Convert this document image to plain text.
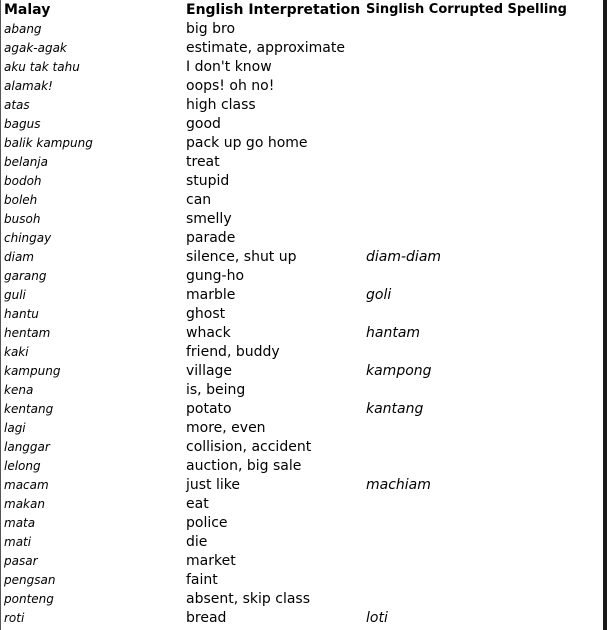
Malay	English Interpretation	Singlish Corrupted Spelling
abang	big bro	
agak-agak	estimate, approximate	
aku tak tahu	I don't know	
alamak!	oops! oh no!	
atas	high class	
bagus	good	
balik kampung	pack up go home	
belanja	treat	
bodoh	stupid	
boleh	can	
busoh	smelly	
chingay	parade	
diam	silence, shut up	diam-diam
garang	gung-ho	
guli	marble	goli
hantu	ghost	
hentam	whack	hantam
kaki	friend, buddy	
kampung	village	kampong
kena	is, being	
kentang	potato	kantang
lagi	more, even	
langgar	collision, accident	
lelong	auction, big sale	
macam	just like	machiam
makan	eat	
mata	police	
mati	die	
pasar	market	
pengsan	faint	
ponteng	absent, skip class	
roti	bread	loti
